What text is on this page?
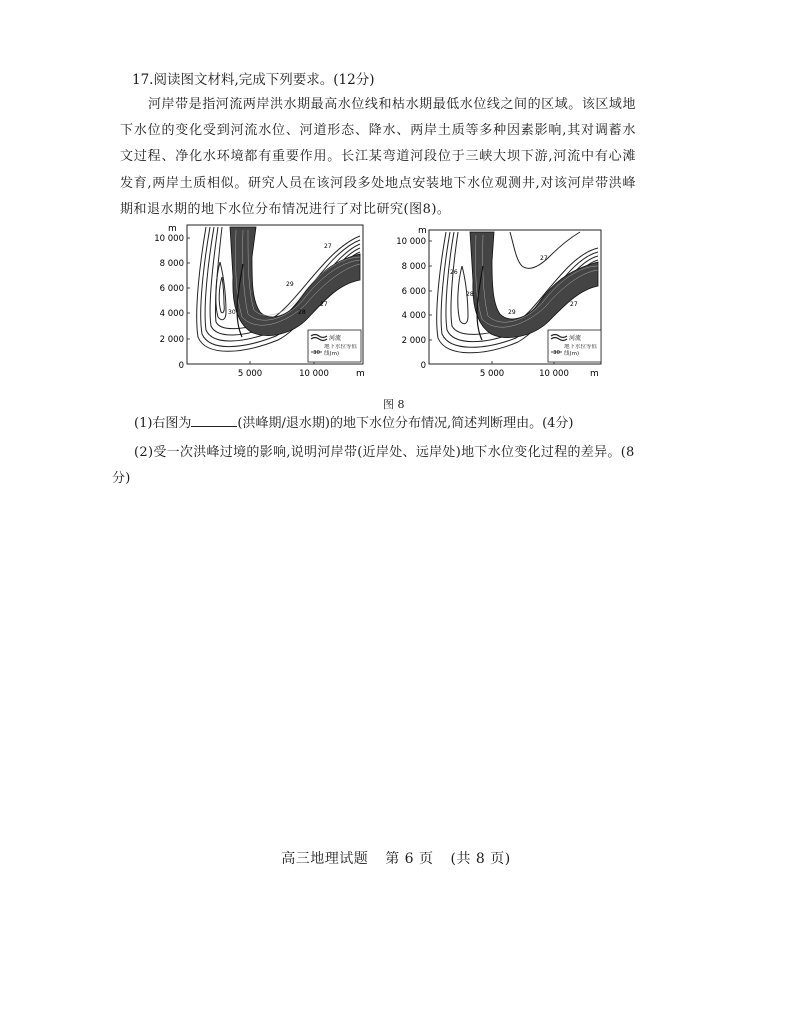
17.阅读图文材料,完成下列要求。(12分)
河岸带是指河流两岸洪水期最高水位线和枯水期最低水位线之间的区域。该区域地下水位的变化受到河流水位、河道形态、降水、两岸土质等多种因素影响,其对调蓄水文过程、净化水环境都有重要作用。长江某弯道河段位于三峡大坝下游,河流中有心滩发育,两岸土质相似。研究人员在该河段多处地点安装地下水位观测井,对该河岸带洪峰期和退水期的地下水位分布情况进行了对比研究(图8)。
m
10 000
8 000
6 000
4 000
2 000
0
5 000	10 000	m
27
29
30	28
27
河流
30
地下水位等值线(m)
m
10 000
8 000
6 000
4 000
2 000
0
5 000	10 000 m
26
27
28
29
27
河流
30
地下水位等值线(m)
图 8
(1)右图为	(洪峰期/退水期)的地下水位分布情况,简述判断理由。(4分)
(2)受一次洪峰过境的影响,说明河岸带(近岸处、远岸处)地下水位变化过程的差异。(8分)
高三地理试题 第 6 页 (共 8 页)
